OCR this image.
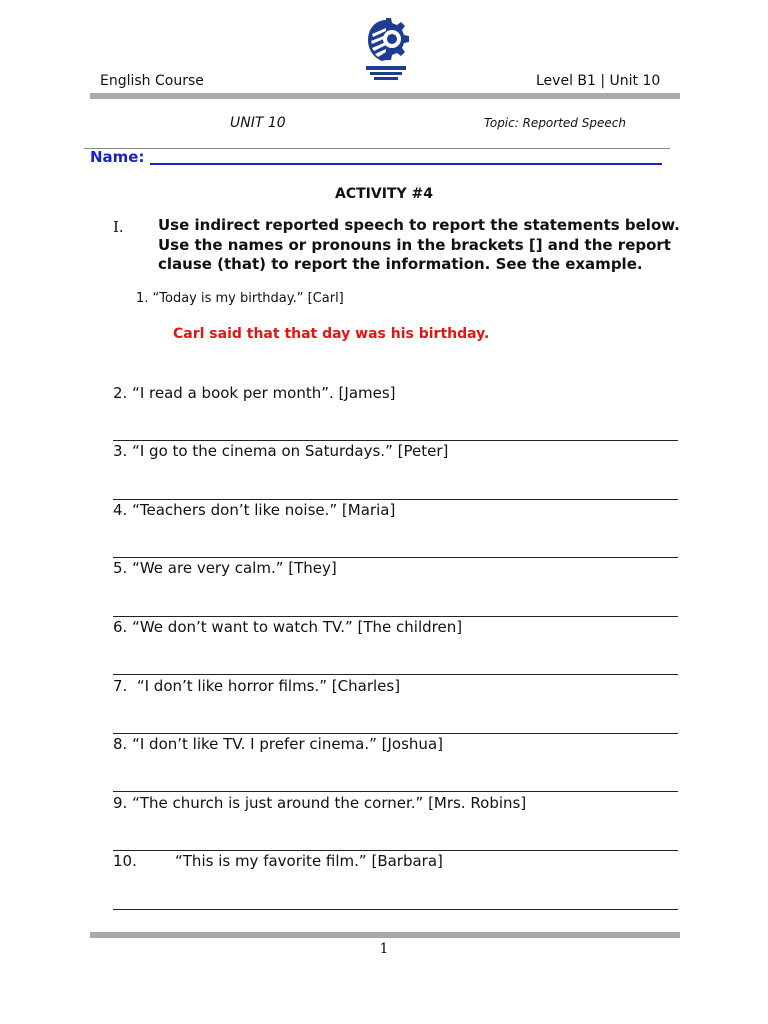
English Course	Level B1 | Unit 10
UNIT 10	Topic: Reported Speech
Name:
ACTIVITY #4
I. Use indirect reported speech to report the statements below. Use the names or pronouns in the brackets [] and the report clause (that) to report the information. See the example.
1. “Today is my birthday.” [Carl]
Carl said that that day was his birthday.
2. “I read a book per month”. [James]
3. “I go to the cinema on Saturdays.” [Peter]
4. “Teachers don’t like noise.” [Maria]
5. “We are very calm.” [They]
6. “We don’t want to watch TV.” [The children]
7.  “I don’t like horror films.” [Charles]
8. “I don’t like TV. I prefer cinema.” [Joshua]
9. “The church is just around the corner.” [Mrs. Robins]
10.        “This is my favorite film.” [Barbara]
1
